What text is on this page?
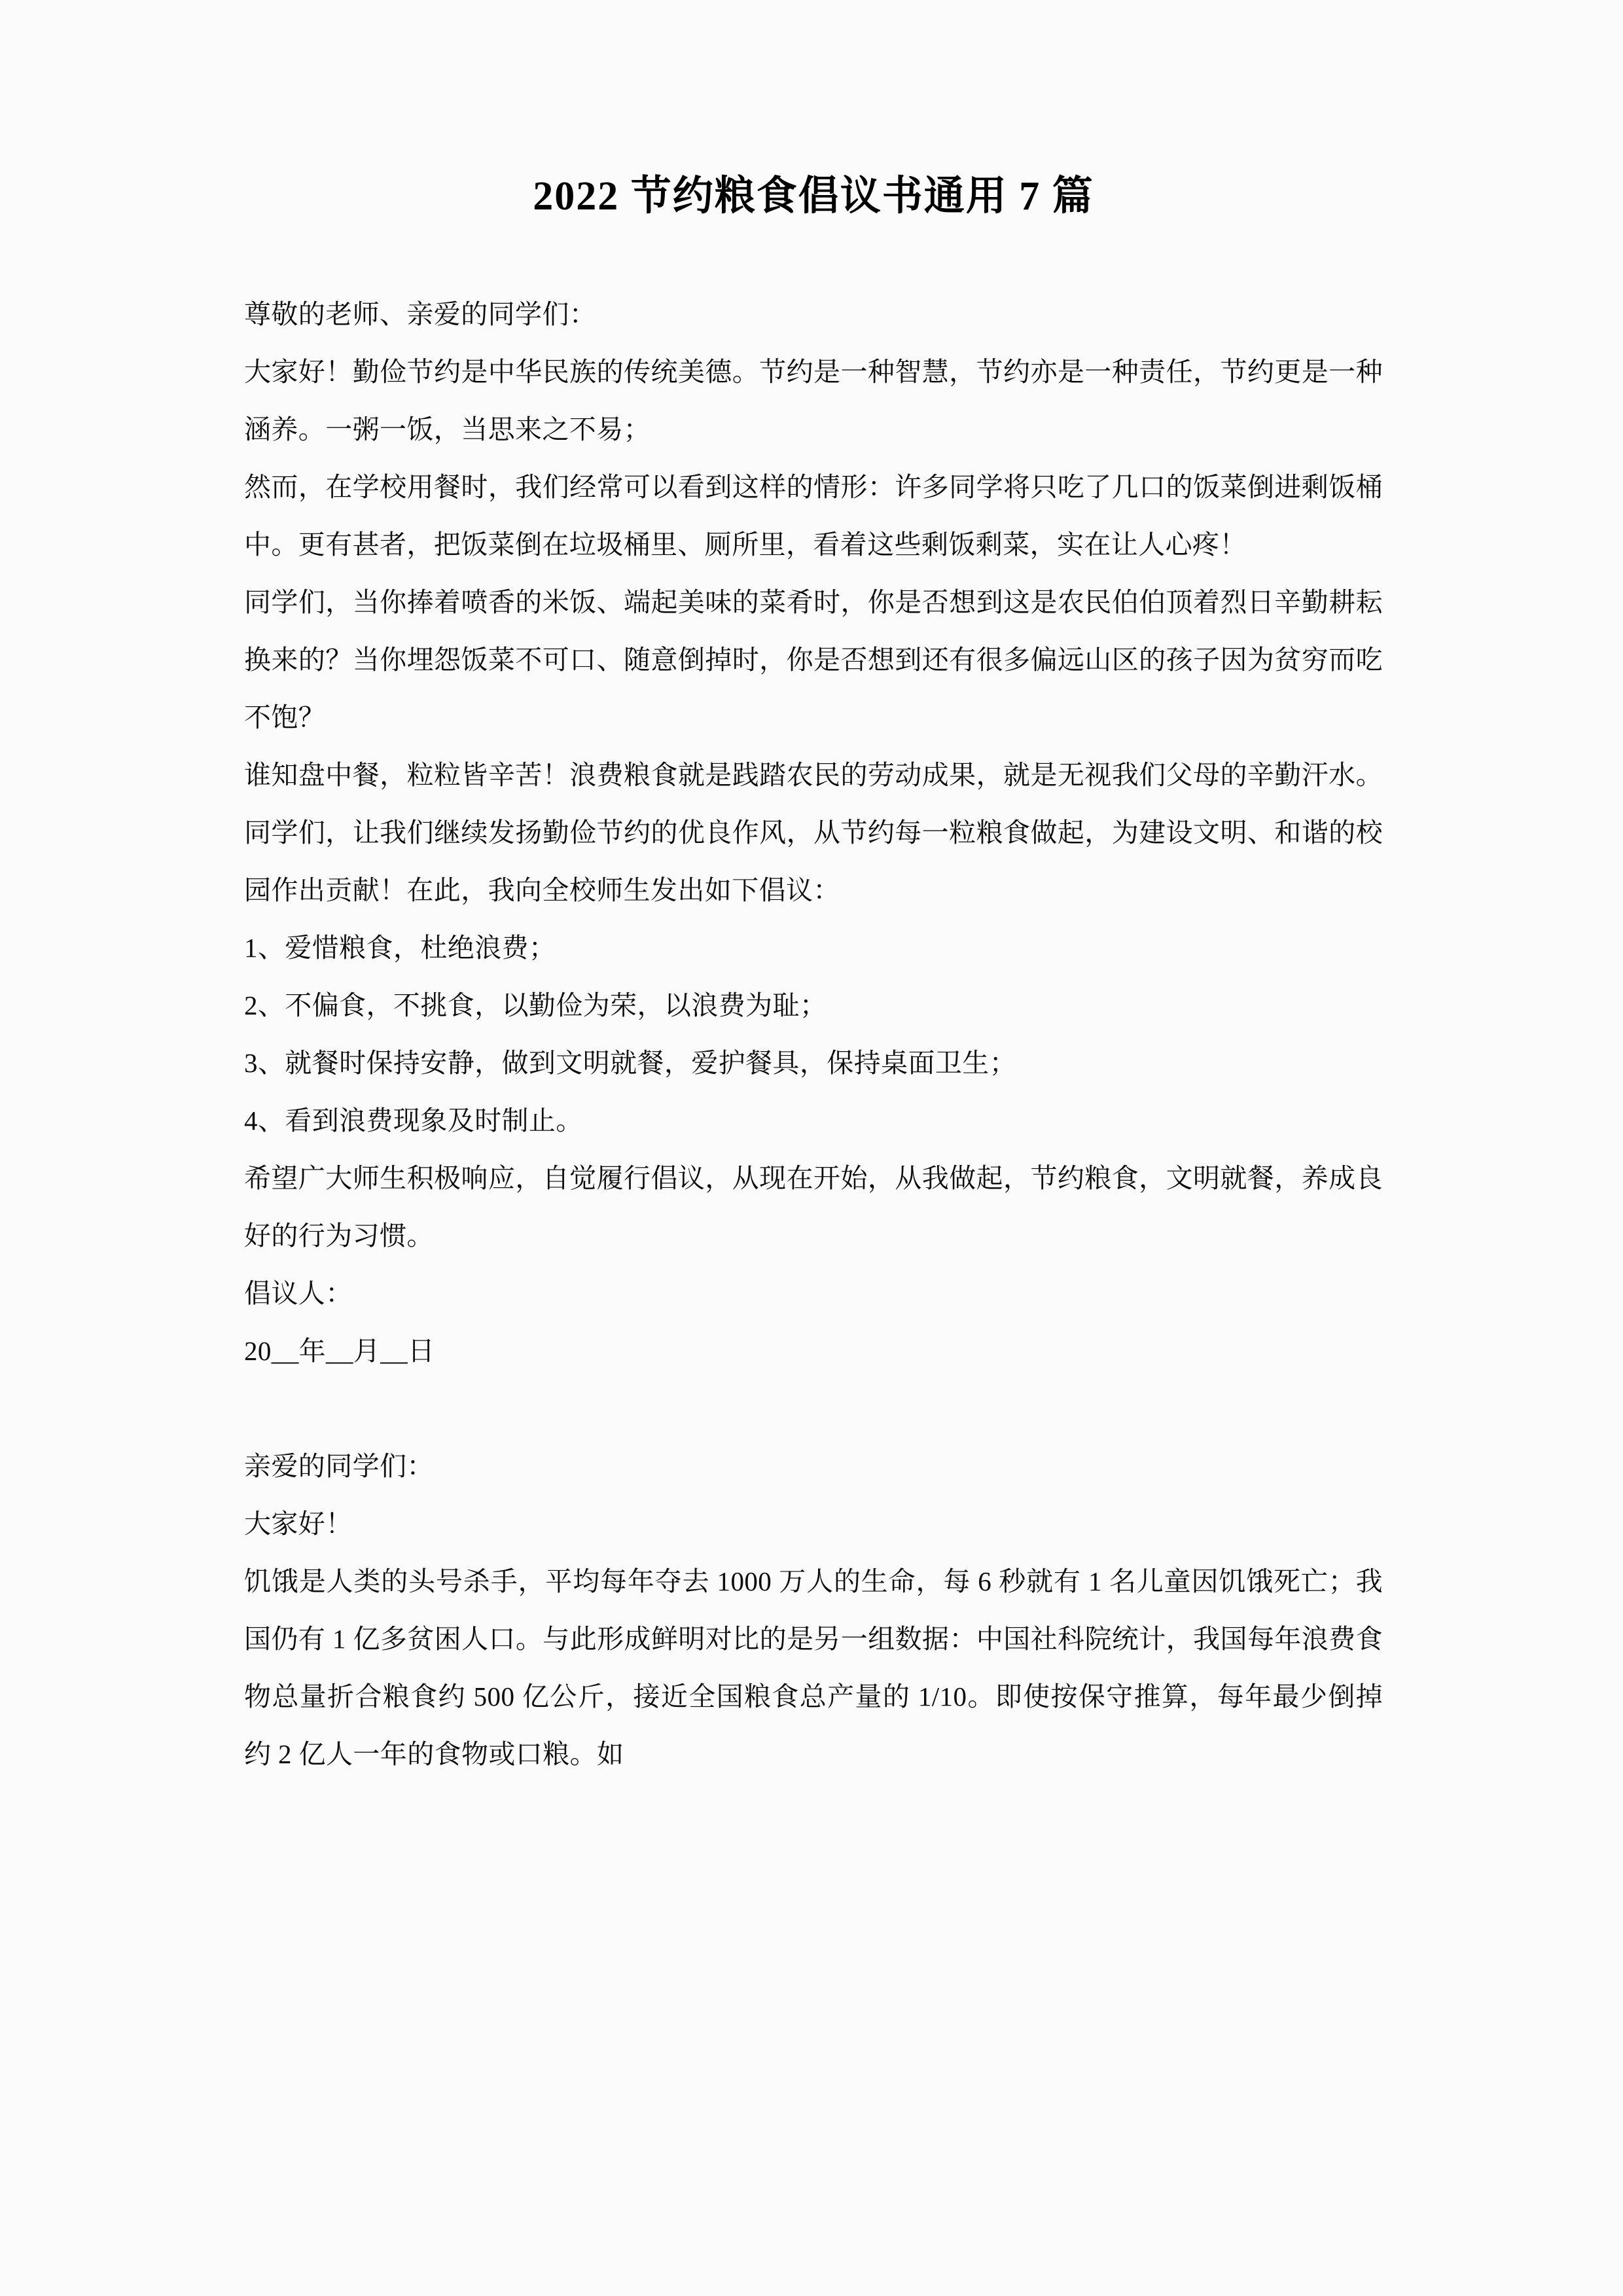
2022 节约粮食倡议书通用 7 篇

尊敬的老师、亲爱的同学们：

大家好！勤俭节约是中华民族的传统美德。节约是一种智慧，节约亦是一种责任，节约更是一种涵养。一粥一饭，当思来之不易；

然而，在学校用餐时，我们经常可以看到这样的情形：许多同学将只吃了几口的饭菜倒进剩饭桶中。更有甚者，把饭菜倒在垃圾桶里、厕所里，看着这些剩饭剩菜，实在让人心疼！

同学们，当你捧着喷香的米饭、端起美味的菜肴时，你是否想到这是农民伯伯顶着烈日辛勤耕耘换来的？当你埋怨饭菜不可口、随意倒掉时，你是否想到还有很多偏远山区的孩子因为贫穷而吃不饱？

谁知盘中餐，粒粒皆辛苦！浪费粮食就是践踏农民的劳动成果，就是无视我们父母的辛勤汗水。同学们，让我们继续发扬勤俭节约的优良作风，从节约每一粒粮食做起，为建设文明、和谐的校园作出贡献！在此，我向全校师生发出如下倡议：

1、爱惜粮食，杜绝浪费；

2、不偏食，不挑食，以勤俭为荣，以浪费为耻；

3、就餐时保持安静，做到文明就餐，爱护餐具，保持桌面卫生；

4、看到浪费现象及时制止。

希望广大师生积极响应，自觉履行倡议，从现在开始，从我做起，节约粮食，文明就餐，养成良好的行为习惯。

倡议人：

20__年__月__日

亲爱的同学们：

大家好！

饥饿是人类的头号杀手，平均每年夺去 1000 万人的生命，每 6 秒就有 1 名儿童因饥饿死亡；我国仍有 1 亿多贫困人口。与此形成鲜明对比的是另一组数据：中国社科院统计，我国每年浪费食物总量折合粮食约 500 亿公斤，接近全国粮食总产量的 1/10。即使按保守推算，每年最少倒掉约 2 亿人一年的食物或口粮。如
